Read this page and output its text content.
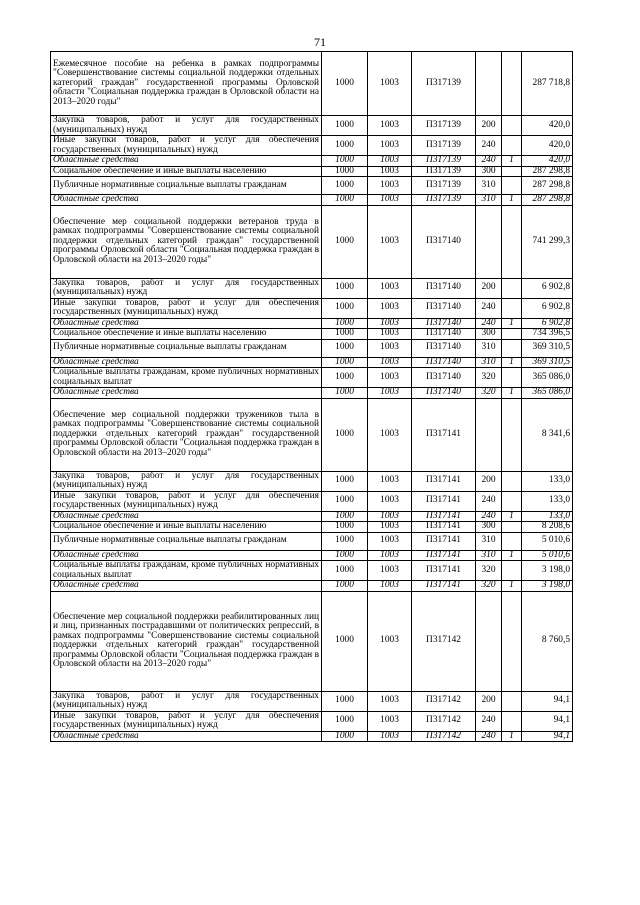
71
Ежемесячное пособие на ребенка в рамках подпрограммы "Совершенствование системы социальной поддержки отдельных категорий граждан" государственной программы Орловской области "Социальная поддержка граждан в Орловской области на 2013–2020 годы"	1000	1003	П317139			287 718,8
Закупка товаров, работ и услуг для государственных (муниципальных) нужд	1000	1003	П317139	200		420,0
Иные закупки товаров, работ и услуг для обеспечения государственных (муниципальных) нужд	1000	1003	П317139	240		420,0
Областные средства	1000	1003	П317139	240	1	420,0
Социальное обеспечение и иные выплаты населению	1000	1003	П317139	300		287 298,8
Публичные нормативные социальные выплаты гражданам	1000	1003	П317139	310		287 298,8
Областные средства	1000	1003	П317139	310	1	287 298,8
Обеспечение мер социальной поддержки ветеранов труда в рамках подпрограммы "Совершенствование системы социальной поддержки отдельных категорий граждан" государственной программы Орловской области "Социальная поддержка граждан в Орловской области на 2013–2020 годы"	1000	1003	П317140			741 299,3
Закупка товаров, работ и услуг для государственных (муниципальных) нужд	1000	1003	П317140	200		6 902,8
Иные закупки товаров, работ и услуг для обеспечения государственных (муниципальных) нужд	1000	1003	П317140	240		6 902,8
Областные средства	1000	1003	П317140	240	1	6 902,8
Социальное обеспечение и иные выплаты населению	1000	1003	П317140	300		734 396,5
Публичные нормативные социальные выплаты гражданам	1000	1003	П317140	310		369 310,5
Областные средства	1000	1003	П317140	310	1	369 310,5
Социальные выплаты гражданам, кроме публичных нормативных социальных выплат	1000	1003	П317140	320		365 086,0
Областные средства	1000	1003	П317140	320	1	365 086,0
Обеспечение мер социальной поддержки тружеников тыла в рамках подпрограммы "Совершенствование системы социальной поддержки отдельных категорий граждан" государственной программы Орловской области "Социальная поддержка граждан в Орловской области на 2013–2020 годы"	1000	1003	П317141			8 341,6
Закупка товаров, работ и услуг для государственных (муниципальных) нужд	1000	1003	П317141	200		133,0
Иные закупки товаров, работ и услуг для обеспечения государственных (муниципальных) нужд	1000	1003	П317141	240		133,0
Областные средства	1000	1003	П317141	240	1	133,0
Социальное обеспечение и иные выплаты населению	1000	1003	П317141	300		8 208,6
Публичные нормативные социальные выплаты гражданам	1000	1003	П317141	310		5 010,6
Областные средства	1000	1003	П317141	310	1	5 010,6
Социальные выплаты гражданам, кроме публичных нормативных социальных выплат	1000	1003	П317141	320		3 198,0
Областные средства	1000	1003	П317141	320	1	3 198,0
Обеспечение мер социальной поддержки реабилитированных лиц и лиц, признанных пострадавшими от политических репрессий, в рамках подпрограммы "Совершенствование системы социальной поддержки отдельных категорий граждан" государственной программы Орловской области "Социальная поддержка граждан в Орловской области на 2013–2020 годы"	1000	1003	П317142			8 760,5
Закупка товаров, работ и услуг для государственных (муниципальных) нужд	1000	1003	П317142	200		94,1
Иные закупки товаров, работ и услуг для обеспечения государственных (муниципальных) нужд	1000	1003	П317142	240		94,1
Областные средства	1000	1003	П317142	240	1	94,1
